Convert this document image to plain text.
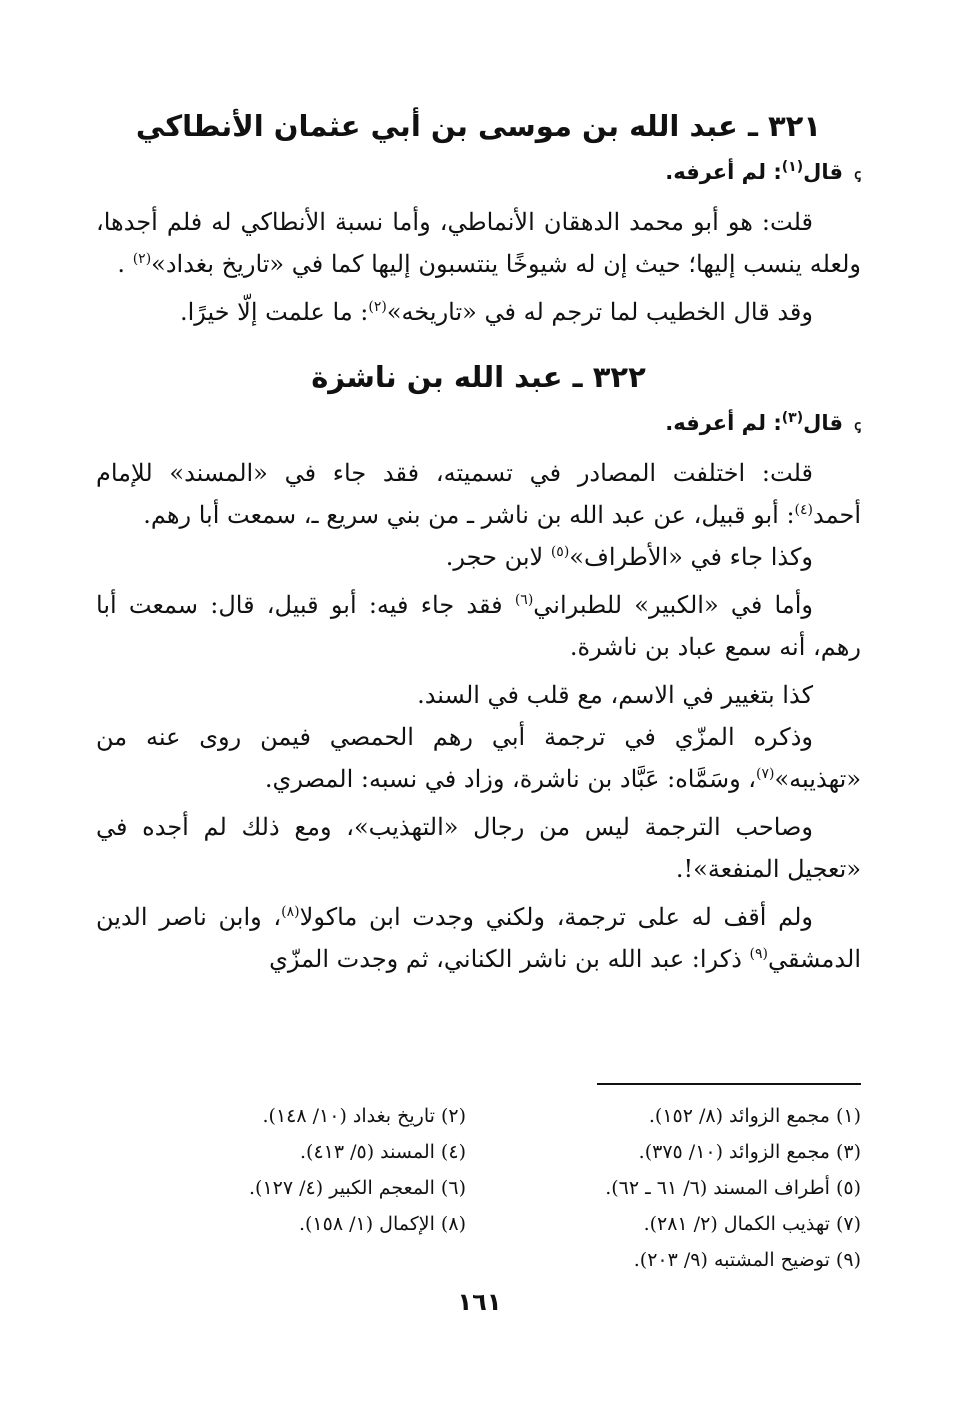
٣٢١ ـ عبد الله بن موسى بن أبي عثمان الأنطاكي
ꞔ قال$^{(١)}$: لم أعرفه.

قلت: هو أبو محمد الدهقان الأنماطي، وأما نسبة الأنطاكي له فلم أجدها، ولعله ينسب إليها؛ حيث إن له شيوخًا ينتسبون إليها كما في «تاريخ بغداد»$^{(٢)}$ .

وقد قال الخطيب لما ترجم له في «تاريخه»$^{(٢)}$: ما علمت إلّا خيرًا.

٣٢٢ ـ عبد الله بن ناشزة
ꞔ قال$^{(٣)}$: لم أعرفه.

قلت: اختلفت المصادر في تسميته، فقد جاء في «المسند» للإمام أحمد$^{(٤)}$: أبو قبيل، عن عبد الله بن ناشر ـ من بني سريع ـ، سمعت أبا رهم.

وكذا جاء في «الأطراف»$^{(٥)}$ لابن حجر.

وأما في «الكبير» للطبراني$^{(٦)}$ فقد جاء فيه: أبو قبيل، قال: سمعت أبا رهم، أنه سمع عباد بن ناشرة.

كذا بتغيير في الاسم، مع قلب في السند.

وذكره المزّي في ترجمة أبي رهم الحمصي فيمن روى عنه من «تهذيبه»$^{(٧)}$، وسَمَّاه: عَبَّاد بن ناشرة، وزاد في نسبه: المصري.

وصاحب الترجمة ليس من رجال «التهذيب»، ومع ذلك لم أجده في «تعجيل المنفعة»!.

ولم أقف له على ترجمة، ولكني وجدت ابن ماكولا$^{(٨)}$، وابن ناصر الدين الدمشقي$^{(٩)}$ ذكرا: عبد الله بن ناشر الكناني، ثم وجدت المزّي

(١) مجمع الزوائد (٨/ ١٥٢).
(٢) تاريخ بغداد (١٠/ ١٤٨).
(٣) مجمع الزوائد (١٠/ ٣٧٥).
(٤) المسند (٥/ ٤١٣).
(٥) أطراف المسند (٦/ ٦١ ـ ٦٢).
(٦) المعجم الكبير (٤/ ١٢٧).
(٧) تهذيب الكمال (٢/ ٢٨١).
(٨) الإكمال (١/ ١٥٨).
(٩) توضيح المشتبه (٩/ ٢٠٣).
١٦١
